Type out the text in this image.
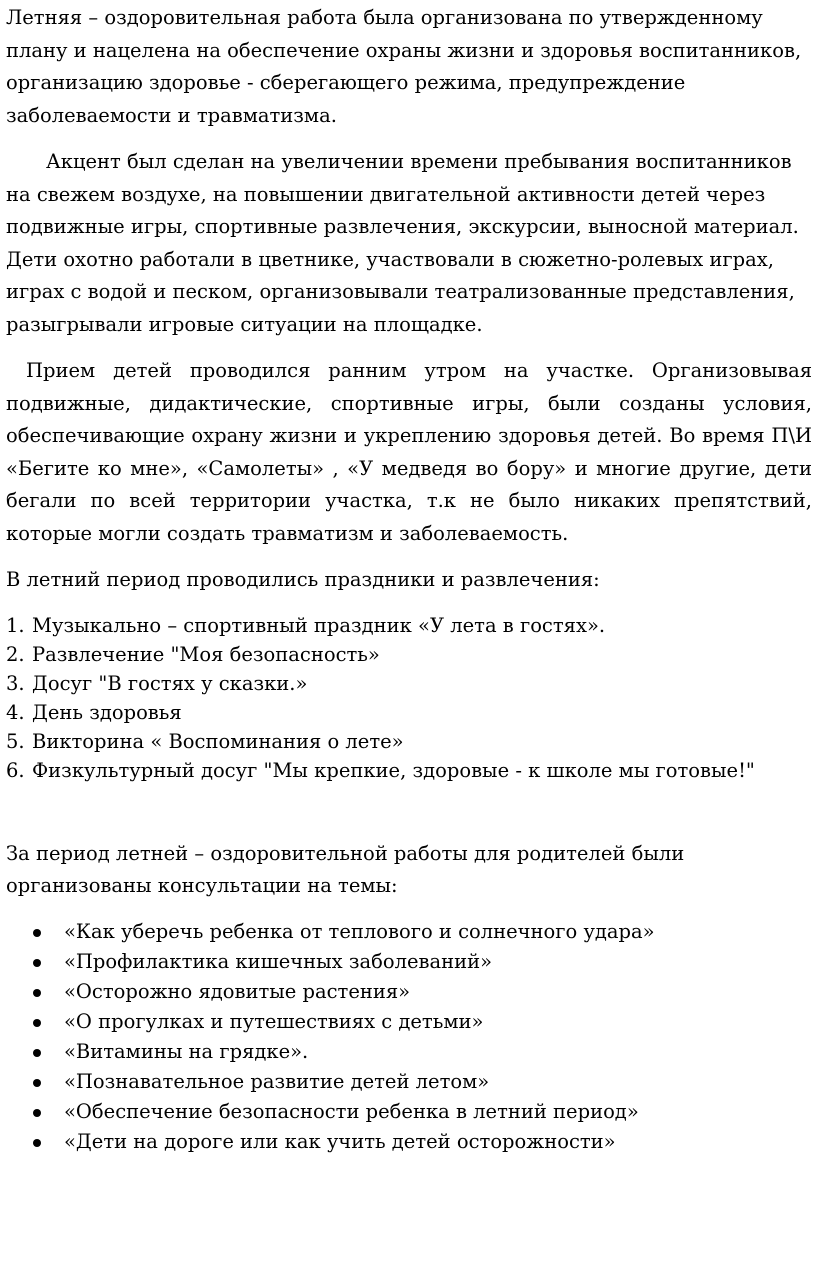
Летняя – оздоровительная работа была организована по утвержденному плану и нацелена на обеспечение охраны жизни и здоровья воспитанников, организацию здоровье - сберегающего режима, предупреждение заболеваемости и травматизма.

Акцент был сделан на увеличении времени пребывания воспитанников на свежем воздухе, на повышении двигательной активности детей через подвижные игры, спортивные развлечения, экскурсии, выносной материал. Дети охотно работали в цветнике, участвовали в сюжетно-ролевых играх, играх с водой и песком, организовывали театрализованные представления, разыгрывали игровые ситуации на площадке.

Прием детей проводился ранним утром на участке. Организовывая подвижные, дидактические, спортивные игры, были созданы условия, обеспечивающие охрану жизни и укреплению здоровья детей. Во время П\И «Бегите ко мне», «Самолеты» , «У медведя во бору» и многие другие, дети бегали по всей территории участка, т.к не было никаких препятствий, которые могли создать травматизм и заболеваемость.

В летний период проводились праздники и развлечения:

1. Музыкально – спортивный праздник «У лета в гостях».
2. Развлечение "Моя безопасность»
3. Досуг "В гостях у сказки.»
4. День здоровья
5. Викторина « Воспоминания о лете»
6. Физкультурный досуг "Мы крепкие, здоровые - к школе мы готовые!"

За период летней – оздоровительной работы для родителей были организованы консультации на темы:

«Как уберечь ребенка от теплового и солнечного удара»
«Профилактика кишечных заболеваний»
«Осторожно ядовитые растения»
«О прогулках и путешествиях с детьми»
«Витамины на грядке».
«Познавательное развитие детей летом»
«Обеспечение безопасности ребенка в летний период»
«Дети на дороге или как учить детей осторожности»
